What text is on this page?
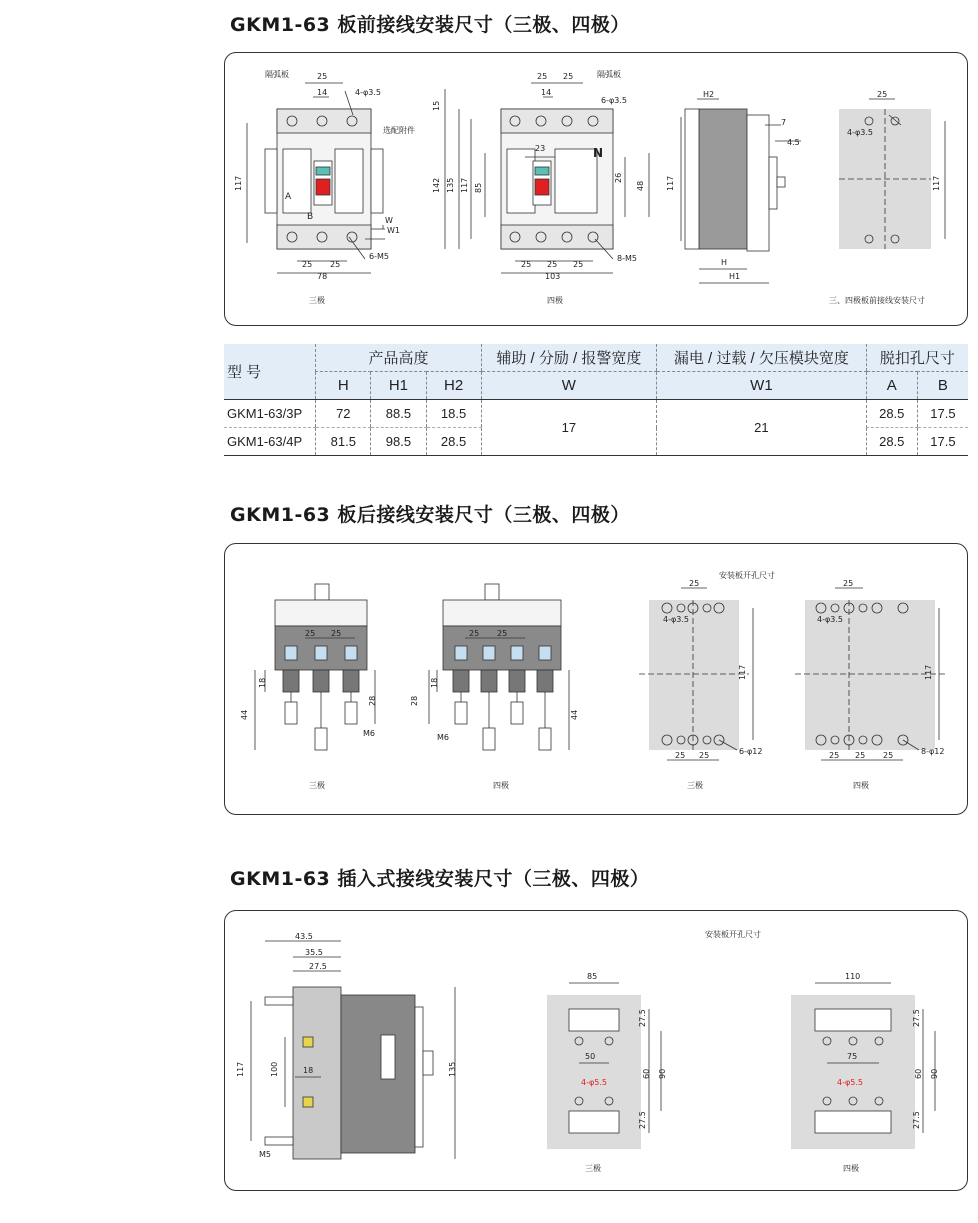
GKM1-63 板前接线安装尺寸（三极、四极）
隔弧板	25
14	4-φ3.5
选配附件
117
A
B	W
W1
25 25
6-M5
78
三极
隔弧板
25 25
14
6-φ3.5
23	N
15
142 135 117 85
26
48
25 25 25
8-M5
103
四极
H2
7
4.5
117
H
H1
25
4-φ3.5
117
三、四极板前接线安装尺寸
型 号	产品高度			辅助 / 分励 / 报警宽度	漏电 / 过载 / 欠压模块宽度	脱扣孔尺寸	
	H	H1	H2	W	W1	A	B
GKM1-63/3P	72	88.5	18.5	17	21	28.5	17.5
GKM1-63/4P	81.5	98.5	28.5			28.5	17.5
GKM1-63 板后接线安装尺寸（三极、四极）
25 25
18
44
28
M6
三极
25 25
18
28
44
M6
四极
安装板开孔尺寸
25
4-φ3.5
117
25 25	6-φ12
三极
25
4-φ3.5
117
25 25 25	8-φ12
四极
GKM1-63 插入式接线安装尺寸（三极、四极）
43.5
35.5
27.5
117	100	18	135
M5
安装板开孔尺寸
85
50
4-φ5.5
27.5
60 90
27.5
三极
110
75
4-φ5.5
27.5
60 90
27.5
四极
